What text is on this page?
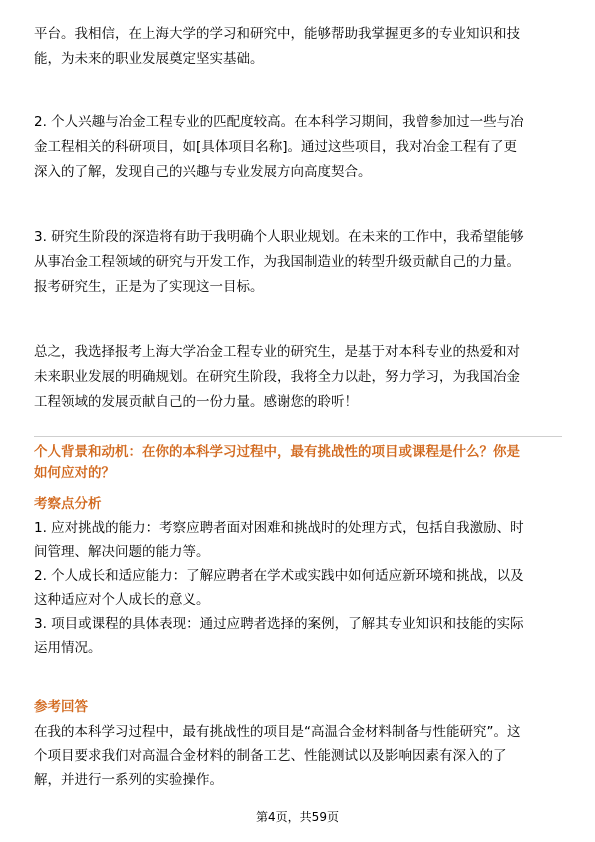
平台。我相信，在上海大学的学习和研究中，能够帮助我掌握更多的专业知识和技
能，为未来的职业发展奠定坚实基础。
2. 个人兴趣与冶金工程专业的匹配度较高。在本科学习期间，我曾参加过一些与冶
金工程相关的科研项目，如[具体项目名称]。通过这些项目，我对冶金工程有了更
深入的了解，发现自己的兴趣与专业发展方向高度契合。
3. 研究生阶段的深造将有助于我明确个人职业规划。在未来的工作中，我希望能够
从事冶金工程领域的研究与开发工作，为我国制造业的转型升级贡献自己的力量。
报考研究生，正是为了实现这一目标。
总之，我选择报考上海大学冶金工程专业的研究生，是基于对本科专业的热爱和对
未来职业发展的明确规划。在研究生阶段，我将全力以赴，努力学习，为我国冶金
工程领域的发展贡献自己的一份力量。感谢您的聆听！
个人背景和动机：在你的本科学习过程中，最有挑战性的项目或课程是什么？你是
如何应对的？
考察点分析
1. 应对挑战的能力：考察应聘者面对困难和挑战时的处理方式，包括自我激励、时
间管理、解决问题的能力等。
2. 个人成长和适应能力：了解应聘者在学术或实践中如何适应新环境和挑战，以及
这种适应对个人成长的意义。
3. 项目或课程的具体表现：通过应聘者选择的案例，了解其专业知识和技能的实际
运用情况。
参考回答
在我的本科学习过程中，最有挑战性的项目是“高温合金材料制备与性能研究”。这
个项目要求我们对高温合金材料的制备工艺、性能测试以及影响因素有深入的了
解，并进行一系列的实验操作。
第4页，共59页
